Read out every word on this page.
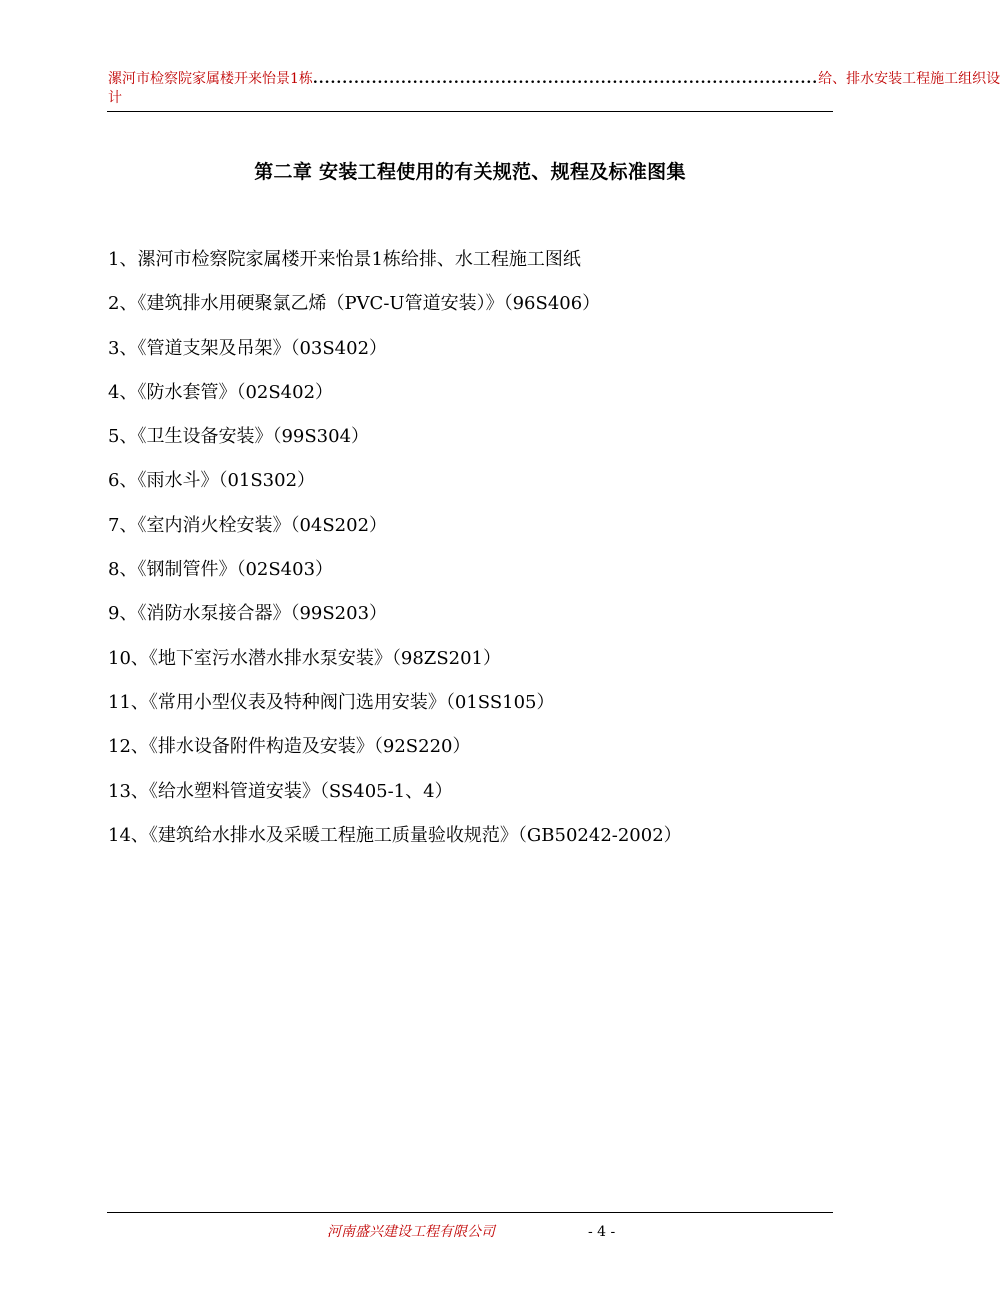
漯河市检察院家属楼开来怡景1栋 ...................................................................................... 给、排水安装工程施工组织设
计
第二章 安装工程使用的有关规范、规程及标准图集
1、漯河市检察院家属楼开来怡景1栋给排、水工程施工图纸
2、《建筑排水用硬聚氯乙烯（PVC-U管道安装）》（96S406）
3、《管道支架及吊架》（03S402）
4、《防水套管》（02S402）
5、《卫生设备安装》（99S304）
6、《雨水斗》（01S302）
7、《室内消火栓安装》（04S202）
8、《钢制管件》（02S403）
9、《消防水泵接合器》（99S203）
10、《地下室污水潜水排水泵安装》（98ZS201）
11、《常用小型仪表及特种阀门选用安装》（01SS105）
12、《排水设备附件构造及安装》（92S220）
13、《给水塑料管道安装》（SS405-1、4）
14、《建筑给水排水及采暖工程施工质量验收规范》（GB50242-2002）
河南盛兴建设工程有限公司	- 4 -
